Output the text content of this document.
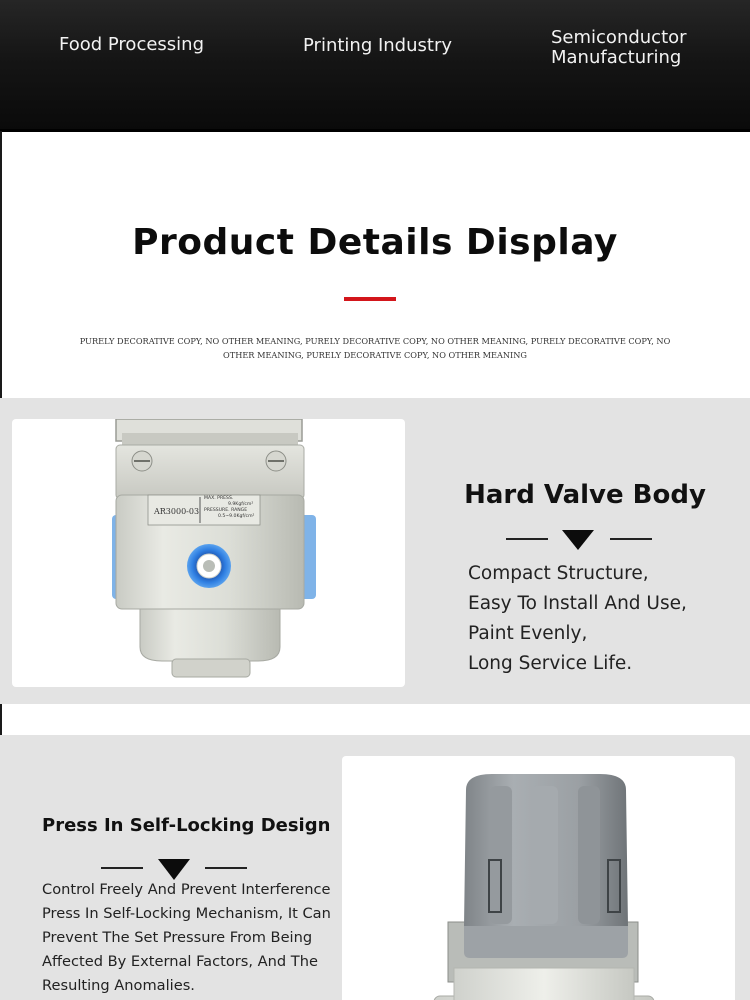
Food Processing	Printing Industry	Semiconductor
Manufacturing
Product Details Display
PURELY DECORATIVE COPY, NO OTHER MEANING, PURELY DECORATIVE COPY, NO OTHER MEANING, PURELY DECORATIVE COPY, NO OTHER MEANING, PURELY DECORATIVE COPY, NO OTHER MEANING
AR3000-03
MAX. PRESS.
9.9Kgf/cm²
PRESSURE. RANGE
0.5~9.0Kgf/cm²
Hard Valve Body
Compact Structure,
Easy To Install And Use,
Paint Evenly,
Long Service Life.
Press In Self-Locking Design
Control Freely And Prevent Interference Press In Self-Locking Mechanism, It Can Prevent The Set Pressure From Being Affected By External Factors, And The Resulting Anomalies.
